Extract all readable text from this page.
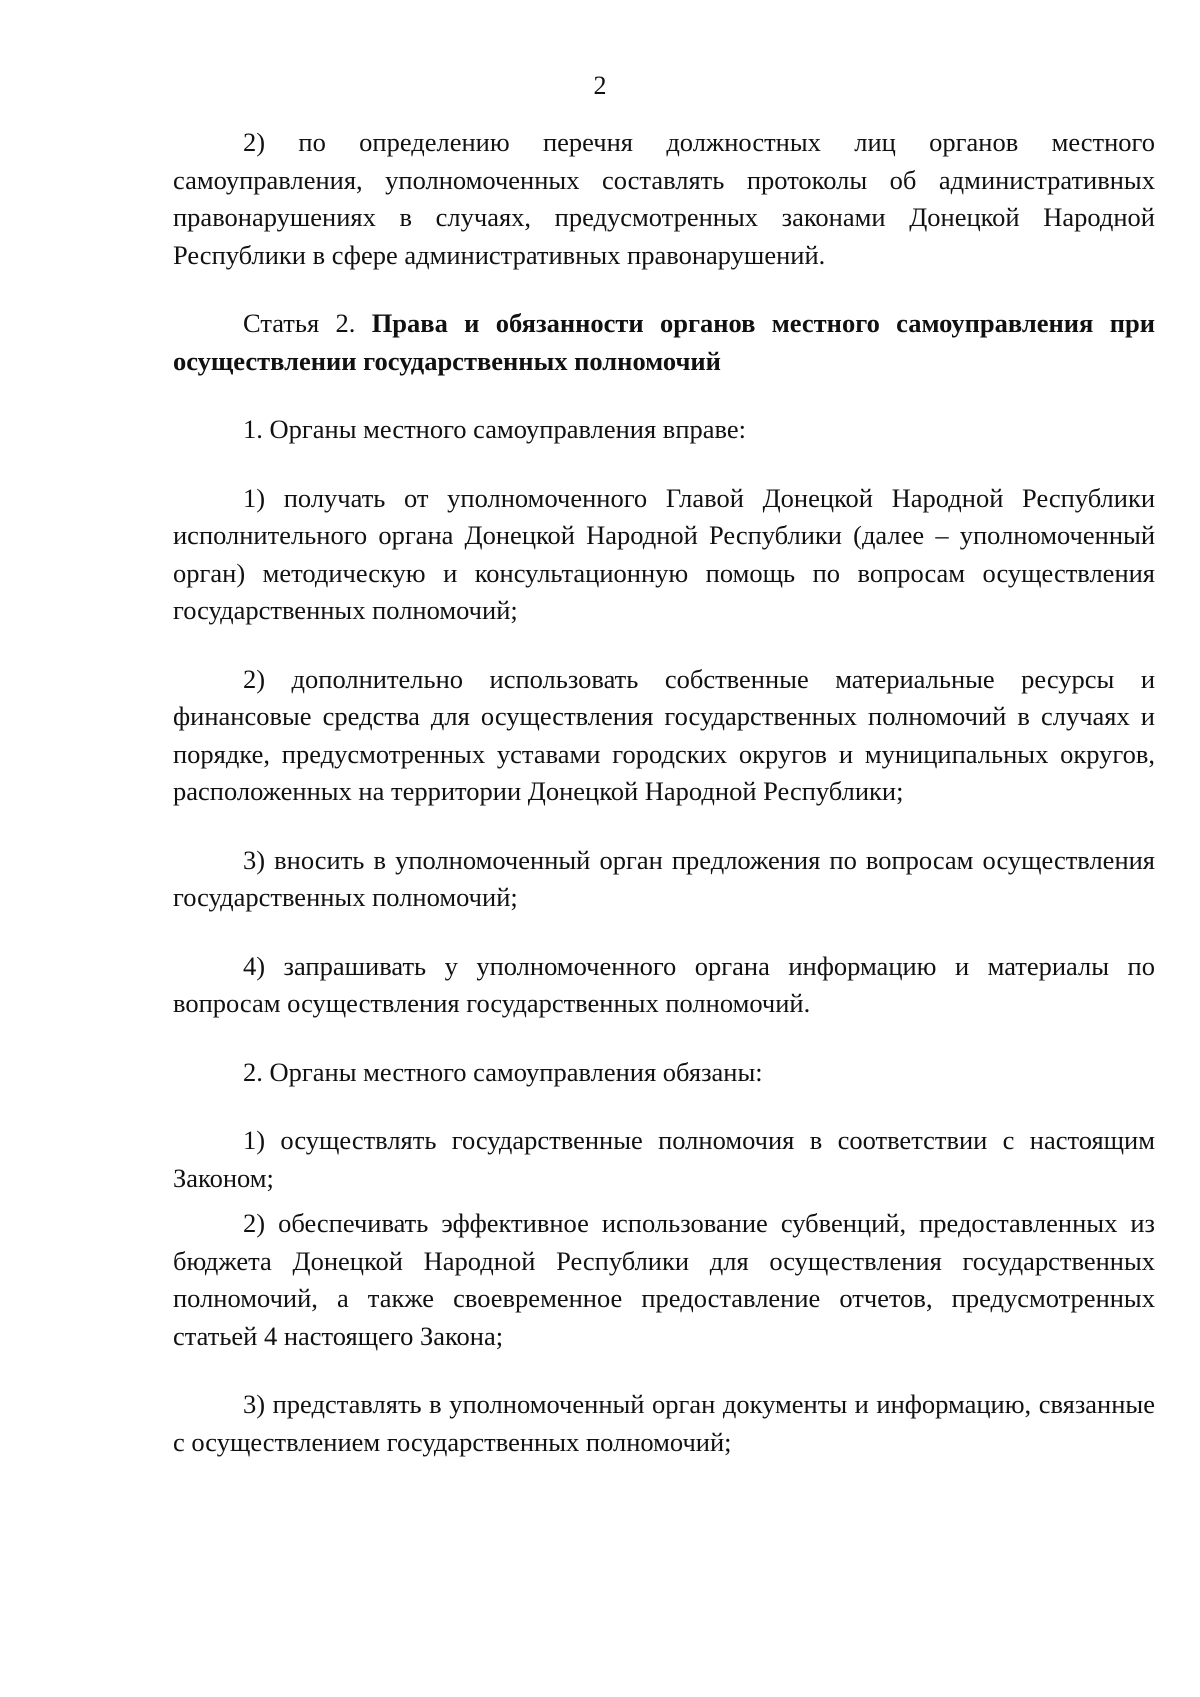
2

2) по определению перечня должностных лиц органов местного самоуправления, уполномоченных составлять протоколы об административных правонарушениях в случаях, предусмотренных законами Донецкой Народной Республики в сфере административных правонарушений.

Статья 2. Права и обязанности органов местного самоуправления при осуществлении государственных полномочий

1. Органы местного самоуправления вправе:

1) получать от уполномоченного Главой Донецкой Народной Республики исполнительного органа Донецкой Народной Республики (далее – уполномоченный орган) методическую и консультационную помощь по вопросам осуществления государственных полномочий;

2) дополнительно использовать собственные материальные ресурсы и финансовые средства для осуществления государственных полномочий в случаях и порядке, предусмотренных уставами городских округов и муниципальных округов, расположенных на территории Донецкой Народной Республики;

3) вносить в уполномоченный орган предложения по вопросам осуществления государственных полномочий;

4) запрашивать у уполномоченного органа информацию и материалы по вопросам осуществления государственных полномочий.

2. Органы местного самоуправления обязаны:

1) осуществлять государственные полномочия в соответствии с настоящим Законом;

2) обеспечивать эффективное использование субвенций, предоставленных из бюджета Донецкой Народной Республики для осуществления государственных полномочий, а также своевременное предоставление отчетов, предусмотренных статьей 4 настоящего Закона;

3) представлять в уполномоченный орган документы и информацию, связанные с осуществлением государственных полномочий;
